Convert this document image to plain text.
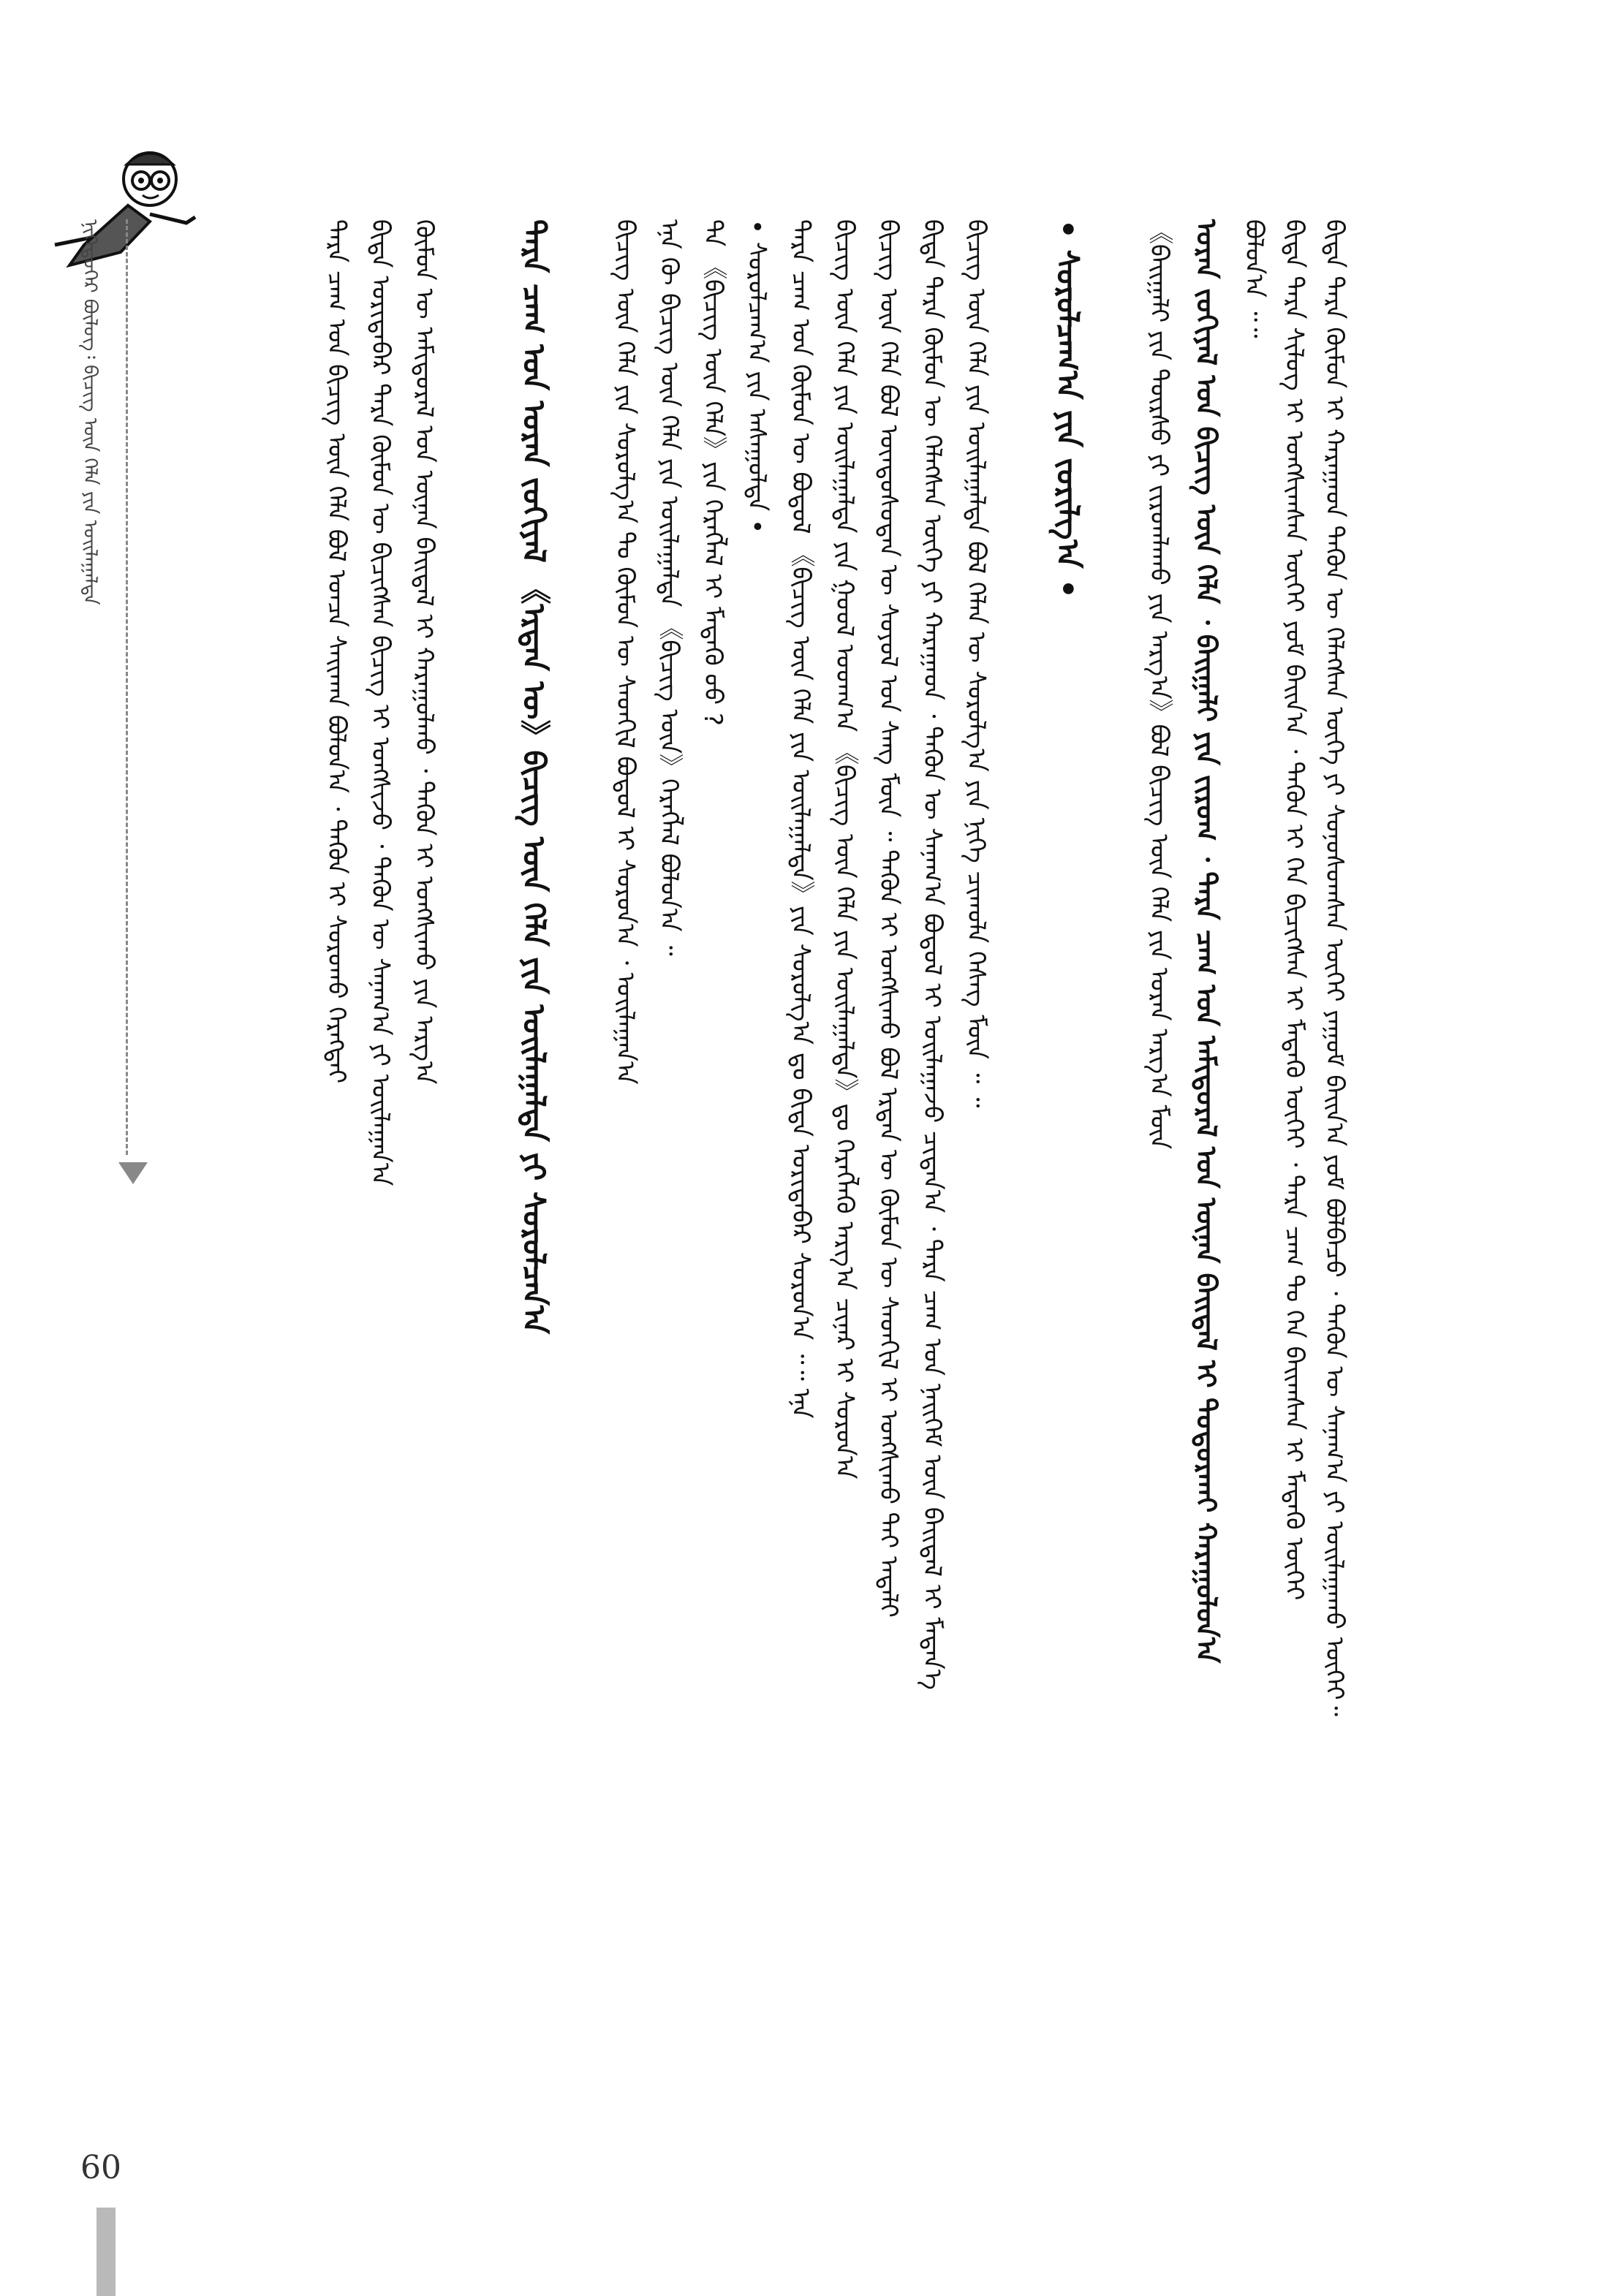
ᠨᠢᠭᠡᠳᠦᠭᠡᠷ ᠪᠦᠯᠦᠭ᠄ ᠪᠢᠴᠢᠭ ᠦᠨ ᠬᠡᠯᠡ ᠶᠢᠨ ᠤᠢᠯᠠᠭᠠᠯᠲᠠ
60
ᠪᠢᠳᠡ ᠲᠡᠷᠡ ᠬᠦᠮᠦᠨ ᠢ ᠬᠠᠷᠠᠭᠠᠳ ᠲᠡᠭᠦᠨ ᠦ ᠬᠡᠯᠡᠭᠰᠡᠨ ᠦᠭᠡ ᠶᠢ ᠰᠣᠨᠣᠰᠣᠭᠰᠠᠨ ᠦᠭᠡᠢ ᠶᠠᠭᠤᠮ ᠪᠠᠢᠨ᠎ᠠ ᠶᠤᠮ ᠪᠣᠯᠪᠠᠴᠤ ᠂ ᠲᠡᠭᠦᠨ ᠦ ᠰᠠᠨᠠᠭ᠎ᠠ ᠶᠢ ᠣᠢᠯᠠᠭᠠᠬᠤ ᠦᠭᠡᠢ᠃
ᠪᠢᠳᠡ ᠲᠡᠷᠡ ᠰᠢᠯᠦᠭ ᠢ ᠤᠩᠰᠢᠭᠰᠠᠨ ᠦᠭᠡᠢ ᠶᠤᠮ ᠪᠠᠢᠨ᠎ᠠ ᠂ ᠲᠡᠭᠦᠨ ᠢ ᠬᠡᠨ ᠪᠢᠴᠢᠭᠰᠡᠨ ᠢ ᠮᠡᠳᠡᠬᠦ ᠦᠭᠡᠢ ᠂ ᠲᠡᠷᠡ ᠴᠠᠭ ᠲᠤ ᠬᠡᠨ ᠪᠠᠢᠭᠰᠠᠨ ᠢ ᠮᠡᠳᠡᠬᠦ ᠦᠭᠡᠢ
ᠪᠣᠯᠤᠨ᠎ᠠ ᠃᠃
ᠤᠷᠠᠨ ᠵᠣᠬᠢᠶᠠᠯ ᠤᠨ ᠪᠢᠴᠢᠭ ᠦᠨ ᠬᠡᠯᠡ ᠂ ᠪᠠᠢᠭᠠᠯᠢ ᠶᠢᠨ ᠵᠢᠷᠤᠭ ᠂ ᠲᠡᠷᠡ ᠴᠠᠭ ᠤᠨ ᠠᠮᠢᠳᠤᠷᠠᠯ ᠤᠨ ᠦᠨᠡᠨ ᠪᠠᠢᠳᠠᠯ ᠢ ᠲᠣᠳᠤᠷᠬᠠᠢ ᠬᠠᠷᠠᠭᠤᠯᠤᠨ᠎ᠠ
《ᠪᠠᠢᠭᠠᠯᠢ ᠶᠢᠨ ᠳᠦᠷᠰᠦ ᠶᠢ ᠵᠢᠷᠤᠭᠯᠠᠬᠤ ᠶᠢᠨ ᠠᠷᠭ᠎ᠠ》ᠪᠣᠯ ᠪᠢᠴᠢᠭ ᠦᠨ ᠬᠡᠯᠡ ᠶᠢᠨ ᠤᠷᠠᠨ ᠠᠷᠭ᠎ᠠ ᠮᠥᠨ
• ᠰᠤᠷᠤᠯᠴᠠᠭ᠎ᠠ ᠶᠢᠨ ᠵᠣᠷᠢᠯᠭ᠎ᠠ •
ᠪᠢᠴᠢᠭ ᠦᠨ ᠬᠡᠯᠡ ᠶᠢᠨ ᠤᠢᠯᠠᠭᠠᠯᠲᠠ ᠪᠣᠯ ᠬᠡᠯᠡᠨ ᠦ ᠰᠤᠷᠤᠯᠭ᠎ᠠ ᠶᠢᠨ ᠨᠢᠭᠡ ᠴᠢᠬᠤᠯᠠ ᠬᠡᠰᠡᠭ ᠮᠥᠨ ᠃ ᠃
ᠪᠢᠳᠡ ᠲᠡᠷᠡ ᠬᠦᠮᠦᠨ ᠦ ᠬᠡᠯᠡᠭᠰᠡᠨ ᠦᠭᠡ ᠶᠢ ᠬᠠᠷᠠᠭᠠᠳ ᠂ ᠲᠡᠭᠦᠨ ᠦ ᠰᠠᠨᠠᠭ᠎ᠠ ᠪᠣᠳᠤᠯ ᠢ ᠣᠢᠯᠠᠭᠠᠵᠤ ᠴᠢᠳᠠᠨ᠎ᠠ ᠂ ᠲᠡᠷᠡ ᠴᠠᠭ ᠤᠨ ᠨᠡᠢᠭᠡᠮ ᠦᠨ ᠪᠠᠢᠳᠠᠯ ᠢ ᠮᠡᠳᠡᠨ᠎ᠡ
ᠪᠢᠴᠢᠭ ᠦᠨ ᠬᠡᠯᠡ ᠪᠣᠯ ᠦᠨᠳᠦᠰᠦᠲᠡᠨ ᠦ ᠰᠣᠶᠣᠯ ᠤᠨ ᠰᠠᠩ ᠮᠥᠨ ᠃ ᠲᠡᠭᠦᠨ ᠢ ᠤᠩᠰᠢᠬᠤ ᠪᠣᠯ ᠡᠷᠲᠡᠨ ᠦ ᠬᠦᠮᠦᠨ ᠦ ᠰᠡᠳᠬᠢᠯ ᠢ ᠤᠩᠰᠢᠬᠤ ᠲᠠᠢ ᠠᠳᠠᠯᠢ
ᠪᠢᠴᠢᠭ ᠦᠨ ᠬᠡᠯᠡ ᠶᠢᠨ ᠤᠢᠯᠠᠭᠠᠯᠲᠠ ᠶᠢᠨ ᠭᠣᠣᠯ ᠤᠳᠬ᠎ᠠ 《ᠪᠢᠴᠢᠭ ᠦᠨ ᠬᠡᠯᠡ ᠶᠢᠨ ᠤᠢᠯᠠᠭᠠᠯᠲᠠ》ᠳᠤ ᠬᠡᠷᠡᠭᠯᠡᠬᠦ ᠠᠷᠭ᠎ᠠ ᠴᠢᠨᠠᠷ ᠢ ᠰᠤᠷᠤᠨ᠎ᠠ
ᠲᠡᠷᠡ ᠴᠠᠭ ᠤᠨ ᠬᠦᠮᠦᠨ ᠦ ᠪᠣᠳᠤᠯ 《ᠪᠢᠴᠢᠭ ᠦᠨ ᠬᠡᠯᠡ ᠶᠢᠨ ᠤᠢᠯᠠᠭᠠᠯᠲᠠ》ᠶᠢᠨ ᠰᠤᠷᠤᠯᠭ᠎ᠠ ᠳᠤ ᠪᠢᠳᠡ ᠤᠷᠢᠳᠠᠪᠠᠷ ᠰᠤᠷᠤᠨ᠎ᠠ ᠃᠃ ᠡᠨᠡ
• ᠰᠤᠷᠤᠯᠴᠠᠭ᠎ᠠ ᠶᠢᠨ ᠠᠰᠠᠭᠤᠯᠲᠠ •
ᠲᠠ 《ᠪᠢᠴᠢᠭ ᠦᠨ ᠬᠡᠯᠡ》ᠶᠢᠨ ᠬᠡᠷᠡᠭᠯᠡᠯ ᠢ ᠮᠡᠳᠡᠬᠦ ᠦᠦ ?
ᠡᠨᠡ ᠬᠦ ᠪᠢᠴᠢᠭ ᠦᠨ ᠬᠡᠯᠡ ᠶᠢᠨ ᠤᠢᠯᠠᠭᠠᠯᠲᠠ 《ᠪᠢᠴᠢᠭ ᠦᠨ》ᠬᠡᠷᠡᠭᠯᠡᠯ ᠪᠣᠯᠤᠨ᠎ᠠ ᠃
ᠪᠢᠴᠢᠭ ᠦᠨ ᠬᠡᠯᠡ ᠶᠢᠨ ᠰᠤᠷᠤᠯᠭ᠎ᠠ ᠲᠤ ᠬᠦᠮᠦᠨ ᠦ ᠰᠡᠳᠬᠢᠯ ᠪᠣᠳᠤᠯ ᠢ ᠰᠤᠷᠤᠨ᠎ᠠ ᠂ ᠤᠢᠯᠠᠭᠠᠨ᠎ᠠ
ᠲᠡᠷᠡ ᠴᠠᠭ ᠤᠨ ᠤᠷᠠᠨ ᠵᠣᠬᠢᠶᠠᠯ 《ᠡᠷᠲᠡᠨ ᠦ》ᠪᠢᠴᠢᠭ ᠦᠨ ᠬᠡᠯᠡ ᠶᠢᠨ ᠤᠢᠯᠠᠭᠠᠯᠲᠠ ᠶᠢ ᠰᠤᠷᠤᠯᠴᠠᠨ᠎ᠠ
ᠬᠦᠮᠦᠨ ᠦ ᠠᠮᠢᠳᠤᠷᠠᠯ ᠤᠨ ᠦᠨᠡᠨ ᠪᠠᠢᠳᠠᠯ ᠢ ᠬᠠᠷᠠᠭᠤᠯᠬᠤ ᠂ ᠲᠡᠭᠦᠨ ᠢ ᠤᠩᠰᠢᠬᠤ ᠶᠢᠨ ᠠᠷᠭ᠎ᠠ
ᠪᠢᠳᠡ ᠤᠷᠢᠳᠠᠪᠠᠷ ᠲᠡᠷᠡ ᠬᠦᠮᠦᠨ ᠦ ᠪᠢᠴᠢᠭᠰᠡᠨ ᠪᠢᠴᠢᠭ ᠢ ᠤᠩᠰᠢᠵᠤ ᠂ ᠲᠡᠭᠦᠨ ᠦ ᠰᠠᠨᠠᠭ᠎ᠠ ᠶᠢ ᠣᠢᠯᠠᠭᠠᠨ᠎ᠠ
ᠲᠡᠷᠡ ᠴᠠᠭ ᠤᠨ ᠪᠢᠴᠢᠭ ᠦᠨ ᠬᠡᠯᠡ ᠪᠣᠯ ᠣᠨᠴᠠ ᠰᠠᠢᠬᠠᠨ ᠪᠣᠯᠤᠨ᠎ᠠ ᠂ ᠲᠡᠭᠦᠨ ᠢ ᠰᠤᠷᠤᠬᠤ ᠬᠡᠷᠡᠭᠲᠡᠢ
